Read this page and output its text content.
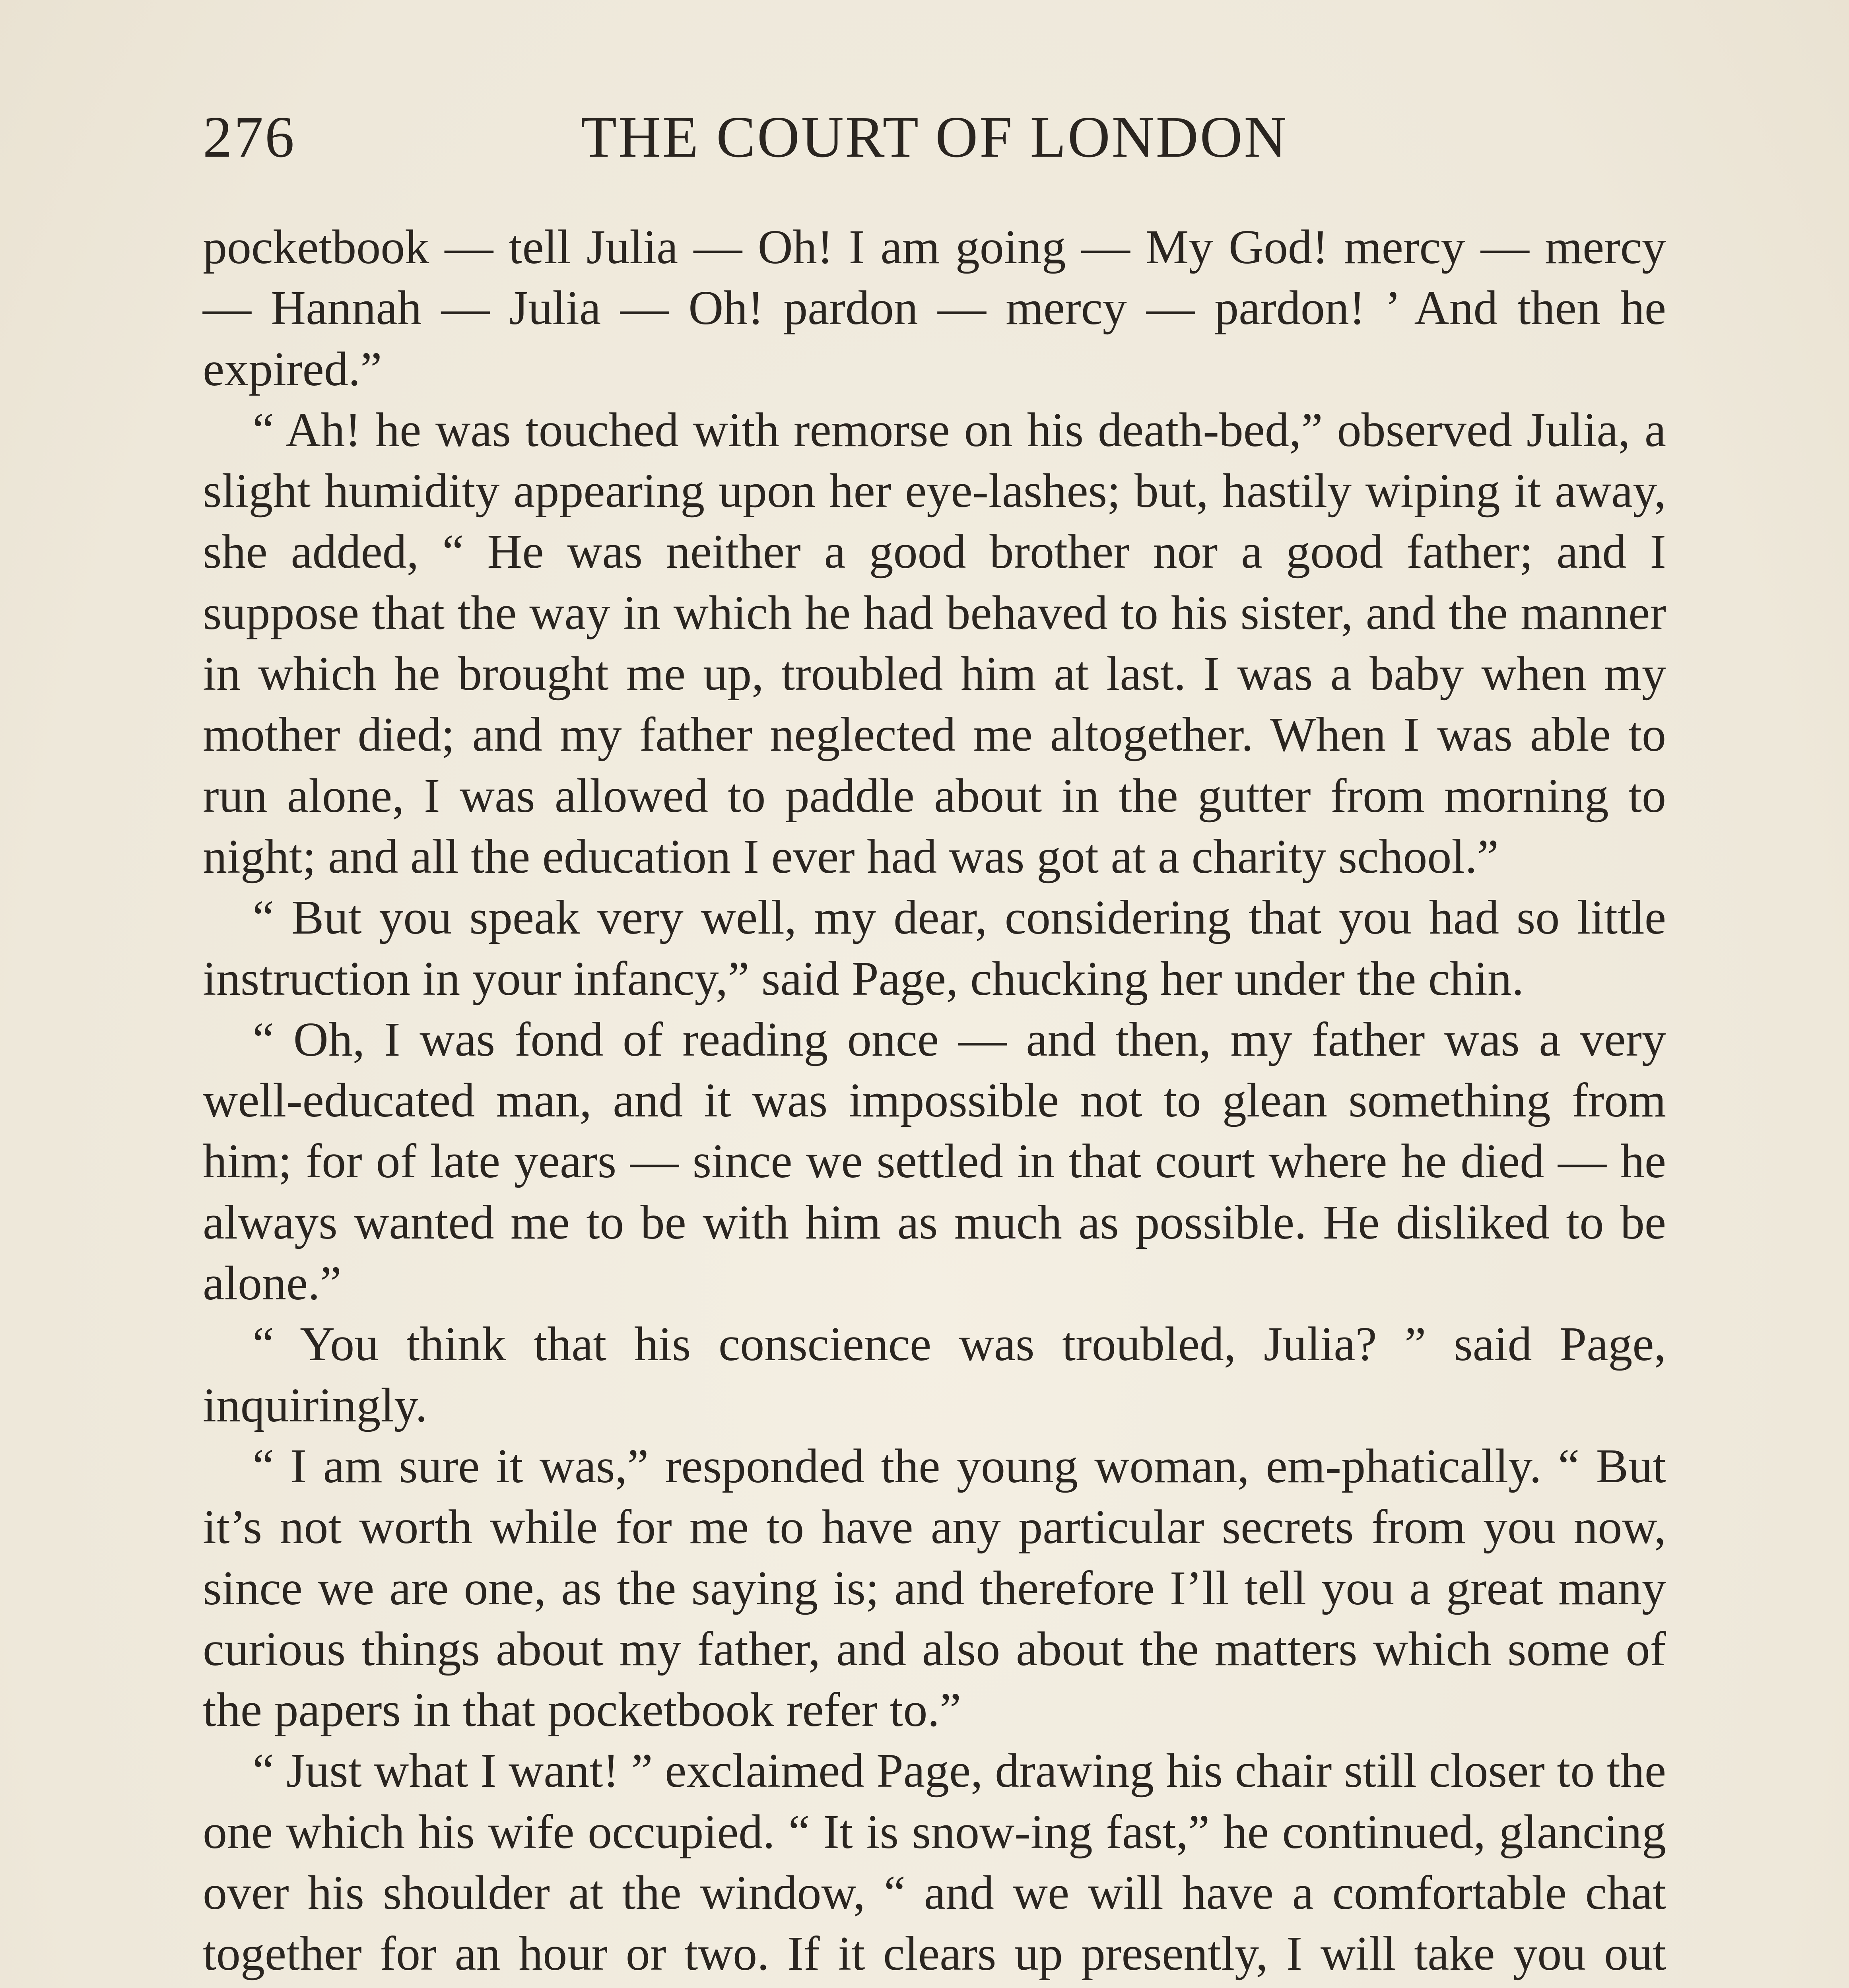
276	THE COURT OF LONDON

pocketbook — tell Julia — Oh! I am going — My God! mercy — mercy — Hannah — Julia — Oh! pardon — mercy — pardon! ’ And then he expired.”

“ Ah! he was touched with remorse on his death-bed,” observed Julia, a slight humidity appearing upon her eye-lashes; but, hastily wiping it away, she added, “ He was neither a good brother nor a good father; and I suppose that the way in which he had behaved to his sister, and the manner in which he brought me up, troubled him at last. I was a baby when my mother died; and my father neglected me altogether. When I was able to run alone, I was allowed to paddle about in the gutter from morning to night; and all the education I ever had was got at a charity school.”

“ But you speak very well, my dear, considering that you had so little instruction in your infancy,” said Page, chucking her under the chin.

“ Oh, I was fond of reading once — and then, my father was a very well-educated man, and it was impossible not to glean something from him; for of late years — since we settled in that court where he died — he always wanted me to be with him as much as possible. He disliked to be alone.”

“ You think that his conscience was troubled, Julia? ” said Page, inquiringly.

“ I am sure it was,” responded the young woman, em-phatically. “ But it’s not worth while for me to have any particular secrets from you now, since we are one, as the saying is; and therefore I’ll tell you a great many curious things about my father, and also about the matters which some of the papers in that pocketbook refer to.”

“ Just what I want! ” exclaimed Page, drawing his chair still closer to the one which his wife occupied. “ It is snow-ing fast,” he continued, glancing over his shoulder at the window, “ and we will have a comfortable chat together for an hour or two. If it clears up presently, I will take you out
